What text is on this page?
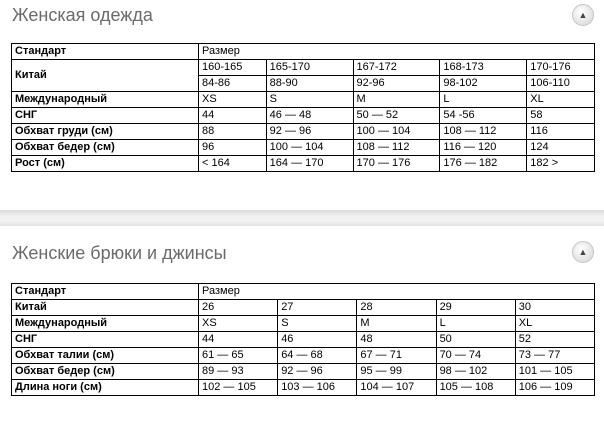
Женская одежда	▲
Стандарт	Размер				
Китай	160-165	165-170	167-172	168-173	170-176
	84-86	88-90	92-96	98-102	106-110
Международный	XS	S	M	L	XL
СНГ	44	46 — 48	50 — 52	54 -56	58
Обхват груди (см)	88	92 — 96	100 — 104	108 — 112	116
Обхват бедер (см)	96	100 — 104	108 — 112	116 — 120	124
Рост (см)	< 164	164 — 170	170 — 176	176 — 182	182 >
Женские брюки и джинсы	▲
Стандарт	Размер				
Китай	26	27	28	29	30
Международный	XS	S	M	L	XL
СНГ	44	46	48	50	52
Обхват талии (см)	61 — 65	64 — 68	67 — 71	70 — 74	73 — 77
Обхват бедер (см)	89 — 93	92 — 96	95 — 99	98 — 102	101 — 105
Длина ноги (см)	102 — 105	103 — 106	104 — 107	105 — 108	106 — 109
